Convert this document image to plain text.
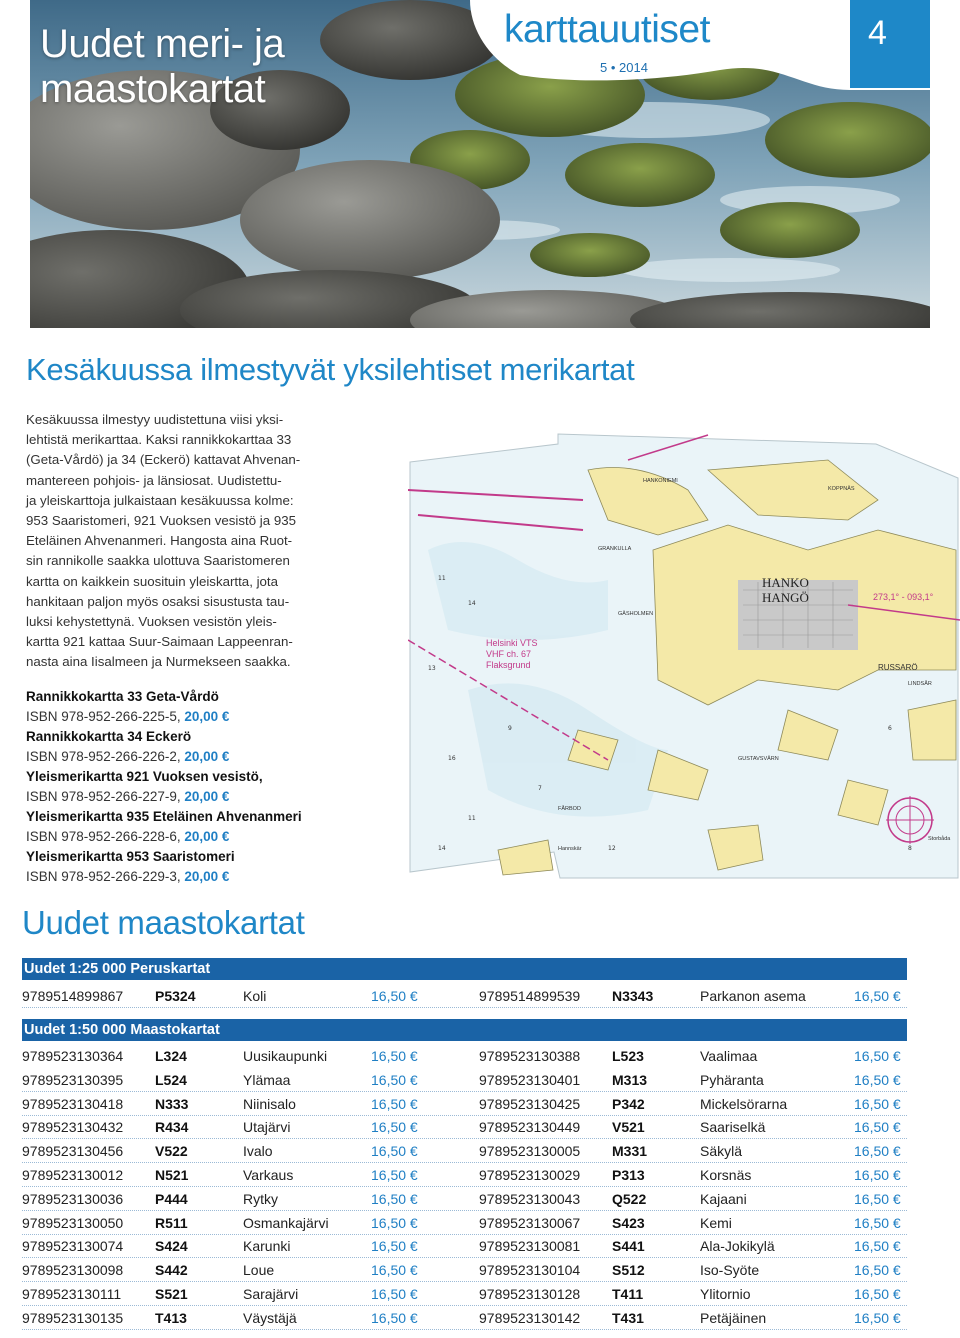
Uudet meri- ja
maastokartat
karttauutiset
5 • 2014
4
Kesäkuussa ilmestyvät yksilehtiset merikartat

Kesäkuussa ilmestyy uudistettuna viisi yksi-

lehtistä merikarttaa. Kaksi rannikkokarttaa 33

(Geta-Vårdö) ja 34 (Eckerö) kattavat Ahvenan-

mantereen pohjois- ja länsiosat. Uudistettu-

ja yleiskarttoja julkaistaan kesäkuussa kolme:

953 Saaristomeri, 921 Vuoksen vesistö ja 935

Eteläinen Ahvenanmeri. Hangosta aina Ruot-

sin rannikolle saakka ulottuva Saaristomeren

kartta on kaikkein suosituin yleiskartta, jota

hankitaan paljon myös osaksi sisustusta tau-

luksi kehystettynä. Vuoksen vesistön yleis-

kartta 921 kattaa Suur-Saimaan Lappeenran-

nasta aina Iisalmeen ja Nurmekseen saakka.

Rannikkokartta 33 Geta-Vårdö
ISBN 978-952-266-225-5, 20,00 €
Rannikkokartta 34 Eckerö
ISBN 978-952-266-226-2, 20,00 €
Yleismerikartta 921 Vuoksen vesistö,
ISBN 978-952-266-227-9, 20,00 €
Yleismerikartta 935 Eteläinen Ahvenanmeri
ISBN 978-952-266-228-6, 20,00 €
Yleismerikartta 953 Saaristomeri
ISBN 978-952-266-229-3, 20,00 €
11
14
13
9
16
11
7
12	8
6
14
HANKO
HANGÖ
Helsinki VTS
VHF ch. 67
Flaksgrund
273,1° - 093,1°
RUSSARÖ
KOPPNÄS
HANKONIEMI
GRANKULLA
GÄSHOLMEN
LINDSÅR
GUSTAVSVÄRN
FÅRBOD
Hannskär
Storbåda
Uudet maastokartat
Uudet 1:25 000 Peruskartat
9789514899867 P5324	Koli	16,50 €	9789514899539 N3343	Parkanon asema	16,50 €
Uudet 1:50 000 Maastokartat
9789523130364 L324	Uusikaupunki	16,50 €	9789523130388 L523	Vaalimaa	16,50 €
9789523130395 L524	Ylämaa	16,50 €	9789523130401 M313	Pyhäranta	16,50 €
9789523130418 N333	Niinisalo	16,50 €	9789523130425 P342	Mickelsörarna	16,50 €
9789523130432 R434	Utajärvi	16,50 €	9789523130449 V521	Saariselkä	16,50 €
9789523130456 V522	Ivalo	16,50 €	9789523130005 M331	Säkylä	16,50 €
9789523130012 N521	Varkaus	16,50 €	9789523130029 P313	Korsnäs	16,50 €
9789523130036 P444	Rytky	16,50 €	9789523130043 Q522	Kajaani	16,50 €
9789523130050 R511	Osmankajärvi	16,50 €	9789523130067 S423	Kemi	16,50 €
9789523130074 S424	Karunki	16,50 €	9789523130081 S441	Ala-Jokikylä	16,50 €
9789523130098 S442	Loue	16,50 €	9789523130104 S512	Iso-Syöte	16,50 €
9789523130111 S521	Sarajärvi	16,50 €	9789523130128 T411	Ylitornio	16,50 €
9789523130135 T413	Väystäjä	16,50 €	9789523130142 T431	Petäjäinen	16,50 €
